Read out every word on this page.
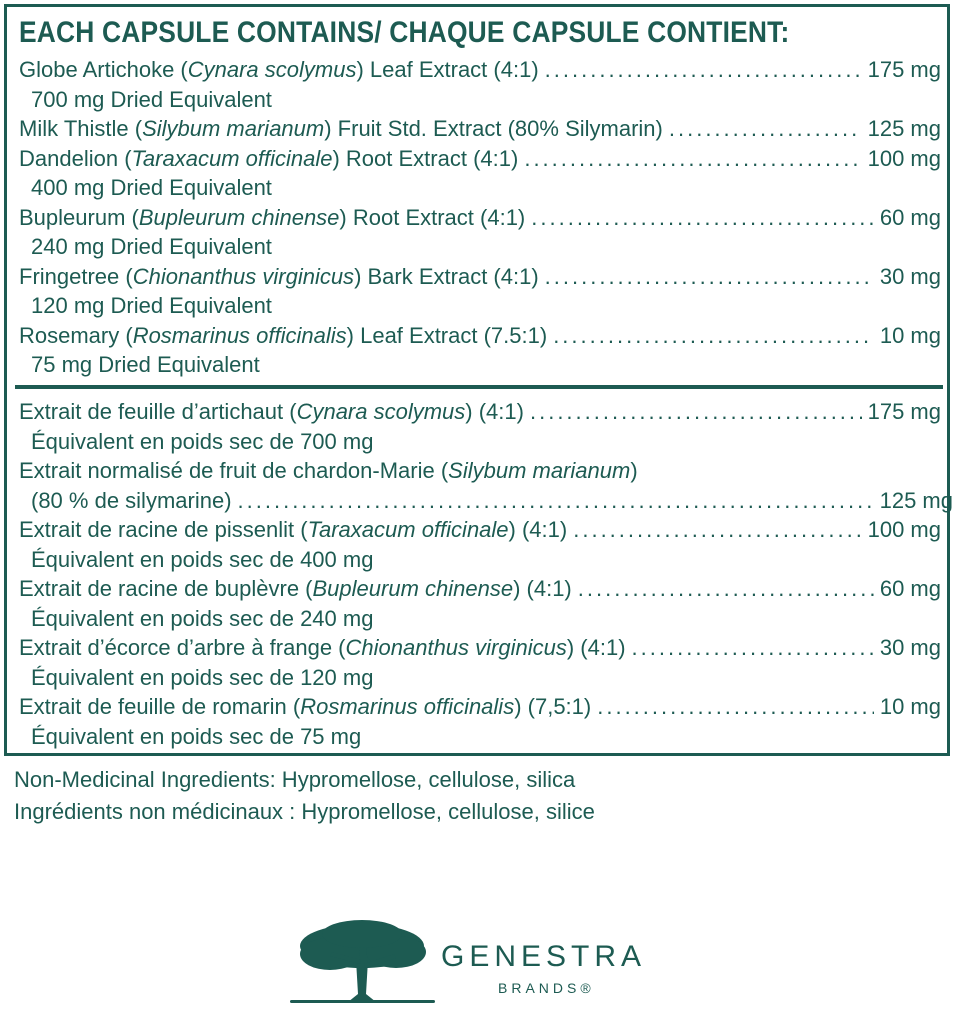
EACH CAPSULE CONTAINS/ CHAQUE CAPSULE CONTIENT:
Globe Artichoke (Cynara scolymus) Leaf Extract (4:1) .....	175 mg
700 mg Dried Equivalent
Milk Thistle (Silybum marianum) Fruit Std. Extract (80% Silymarin) .....	125 mg
Dandelion (Taraxacum officinale) Root Extract (4:1) .....	100 mg
400 mg Dried Equivalent
Bupleurum (Bupleurum chinense) Root Extract (4:1) .....	60 mg
240 mg Dried Equivalent
Fringetree (Chionanthus virginicus) Bark Extract (4:1) .....	30 mg
120 mg Dried Equivalent
Rosemary (Rosmarinus officinalis) Leaf Extract (7.5:1) .....	10 mg
75 mg Dried Equivalent
Extrait de feuille d’artichaut (Cynara scolymus) (4:1) .....	175 mg
Équivalent en poids sec de 700 mg
Extrait normalisé de fruit de chardon-Marie (Silybum marianum)
(80 % de silymarine) .....	125 mg
Extrait de racine de pissenlit (Taraxacum officinale) (4:1) .....	100 mg
Équivalent en poids sec de 400 mg
Extrait de racine de buplèvre (Bupleurum chinense) (4:1) .....	60 mg
Équivalent en poids sec de 240 mg
Extrait d’écorce d’arbre à frange (Chionanthus virginicus) (4:1) .....	30 mg
Équivalent en poids sec de 120 mg
Extrait de feuille de romarin (Rosmarinus officinalis) (7,5:1) .....	10 mg
Équivalent en poids sec de 75 mg
Non-Medicinal Ingredients: Hypromellose, cellulose, silica
Ingrédients non médicinaux : Hypromellose, cellulose, silice
GENESTRA
BRANDS®
